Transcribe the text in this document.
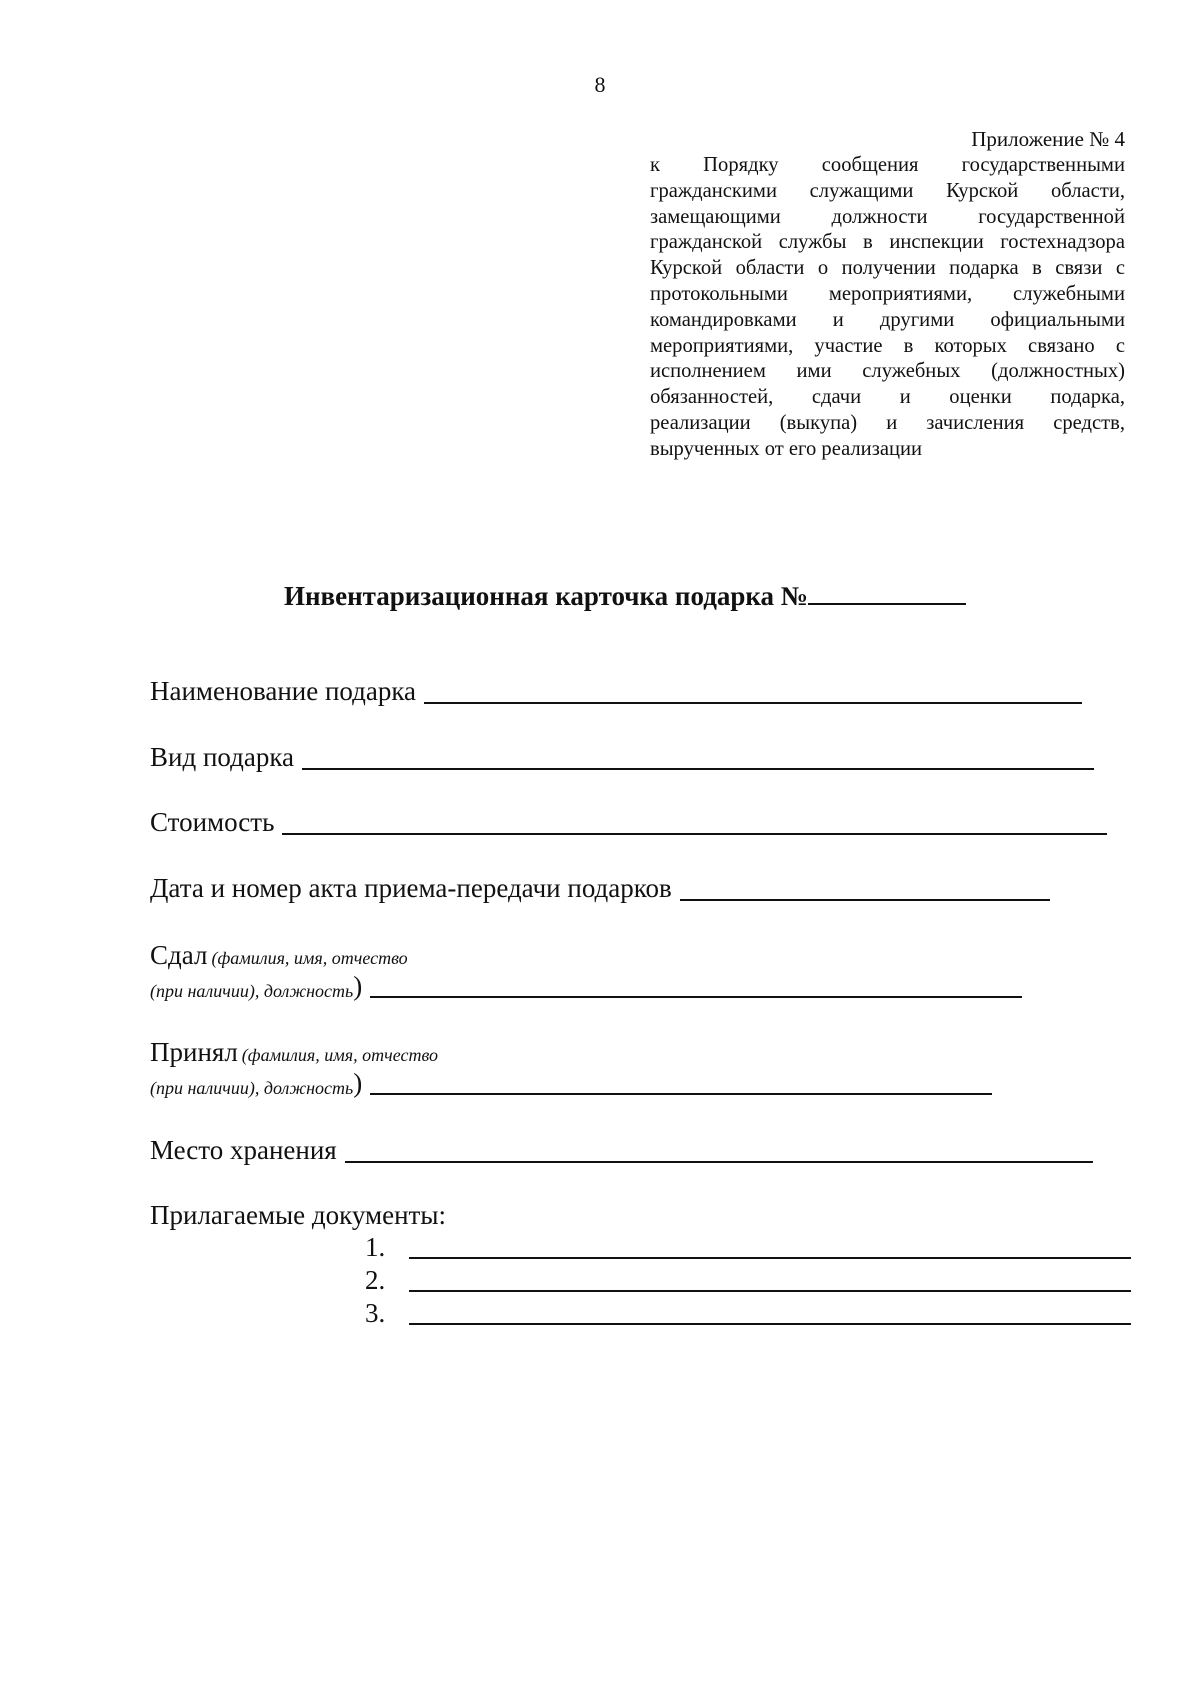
8
Приложение № 4
к Порядку сообщения государственными
гражданскими служащими Курской области,
замещающими должности государственной
гражданской службы в инспекции гостехнадзора
Курской области о получении подарка в связи с
протокольными мероприятиями, служебными
командировками и другими официальными
мероприятиями, участие в которых связано с
исполнением ими служебных (должностных)
обязанностей, сдачи и оценки подарка,
реализации (выкупа) и зачисления средств,
вырученных от его реализации
Инвентаризационная карточка подарка №
Наименование подарка
Вид подарка
Стоимость
Дата и номер акта приема-передачи подарков
Сдал (фамилия, имя, отчество
(при наличии), должность )
Принял (фамилия, имя, отчество
(при наличии), должность )
Место хранения
Прилагаемые документы:
1.
2.
3.
